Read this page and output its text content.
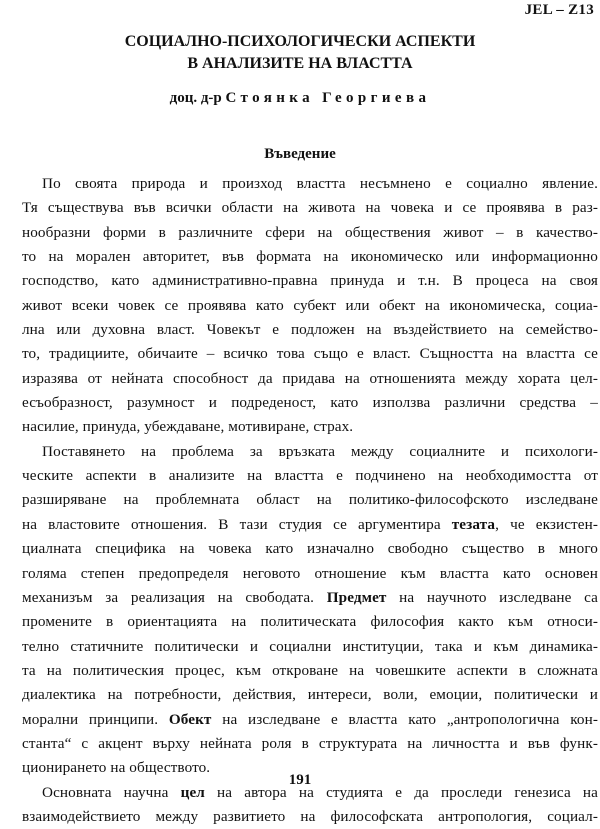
JEL – Z13
СОЦИАЛНО-ПСИХОЛОГИЧЕСКИ АСПЕКТИ
В АНАЛИЗИТЕ НА ВЛАСТТА
доц. д-р Стоянка Георгиева
Въведение
По своята природа и произход властта несъмнено е социално явление.
Тя съществува във всички области на живота на човека и се проявява в раз-
нообразни форми в различните сфери на обществения живот – в качество-
то на морален авторитет, във формата на икономическо или информационно
господство, като административно-правна принуда и т.н. В процеса на своя
живот всеки човек се проявява като субект или обект на икономическа, социа-
лна или духовна власт. Човекът е подложен на въздействието на семейство-
то, традициите, обичаите – всичко това също е власт. Същността на властта се
изразява от нейната способност да придава на отношенията между хората цел-
есъобразност, разумност и подреденост, като използва различни средства –
насилие, принуда, убеждаване, мотивиране, страх.
Поставянето на проблема за връзката между социалните и психологи-
ческите аспекти в анализите на властта е подчинено на необходимостта от
разширяване на проблемната област на политико-философското изследване
на властовите отношения. В тази студия се аргументира тезата, че екзистен-
циалната специфика на човека като изначално свободно същество в много
голяма степен предопределя неговото отношение към властта като основен
механизъм за реализация на свободата. Предмет на научното изследване са
промените в ориентацията на политическата философия както към относи-
телно статичните политически и социални институции, така и към динамика-
та на политическия процес, към откроване на човешките аспекти в сложната
диалектика на потребности, действия, интереси, воли, емоции, политически и
морални принципи. Обект на изследване е властта като „антропологична кон-
станта“ с акцент върху нейната роля в структурата на личността и във функ-
ционирането на обществото.
Основната научна цел на автора на студията е да проследи генезиса на
взаимодействието между развитието на философската антропология, социал-
191
